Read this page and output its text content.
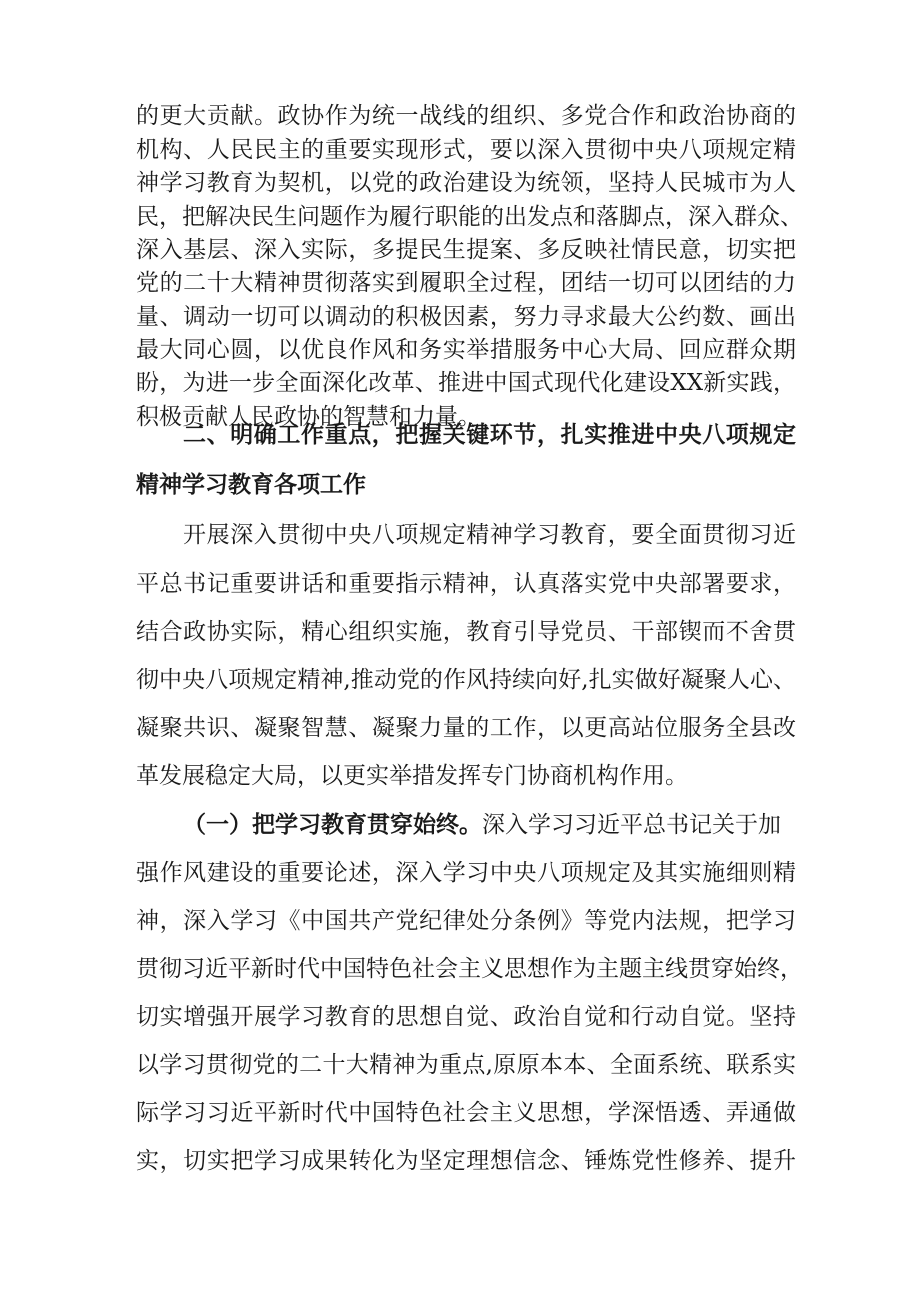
的更大贡献。政协作为统一战线的组织、多党合作和政治协商的
机构、人民民主的重要实现形式，要以深入贯彻中央八项规定精
神学习教育为契机，以党的政治建设为统领，坚持人民城市为人
民，把解决民生问题作为履行职能的出发点和落脚点，深入群众、
深入基层、深入实际，多提民生提案、多反映社情民意，切实把
党的二十大精神贯彻落实到履职全过程，团结一切可以团结的力
量、调动一切可以调动的积极因素，努力寻求最大公约数、画出
最大同心圆，以优良作风和务实举措服务中心大局、回应群众期
盼，为进一步全面深化改革、推进中国式现代化建设XX新实践，
积极贡献人民政协的智慧和力量。
二、明确工作重点，把握关键环节，扎实推进中央八项规定
精神学习教育各项工作
开展深入贯彻中央八项规定精神学习教育，要全面贯彻习近
平总书记重要讲话和重要指示精神，认真落实党中央部署要求，
结合政协实际，精心组织实施，教育引导党员、干部锲而不舍贯
彻中央八项规定精神,推动党的作风持续向好,扎实做好凝聚人心、
凝聚共识、凝聚智慧、凝聚力量的工作，以更高站位服务全县改
革发展稳定大局，以更实举措发挥专门协商机构作用。
（一）把学习教育贯穿始终。深入学习习近平总书记关于加
强作风建设的重要论述，深入学习中央八项规定及其实施细则精
神，深入学习《中国共产党纪律处分条例》等党内法规，把学习
贯彻习近平新时代中国特色社会主义思想作为主题主线贯穿始终，
切实增强开展学习教育的思想自觉、政治自觉和行动自觉。坚持
以学习贯彻党的二十大精神为重点,原原本本、全面系统、联系实
际学习习近平新时代中国特色社会主义思想，学深悟透、弄通做
实，切实把学习成果转化为坚定理想信念、锤炼党性修养、提升
